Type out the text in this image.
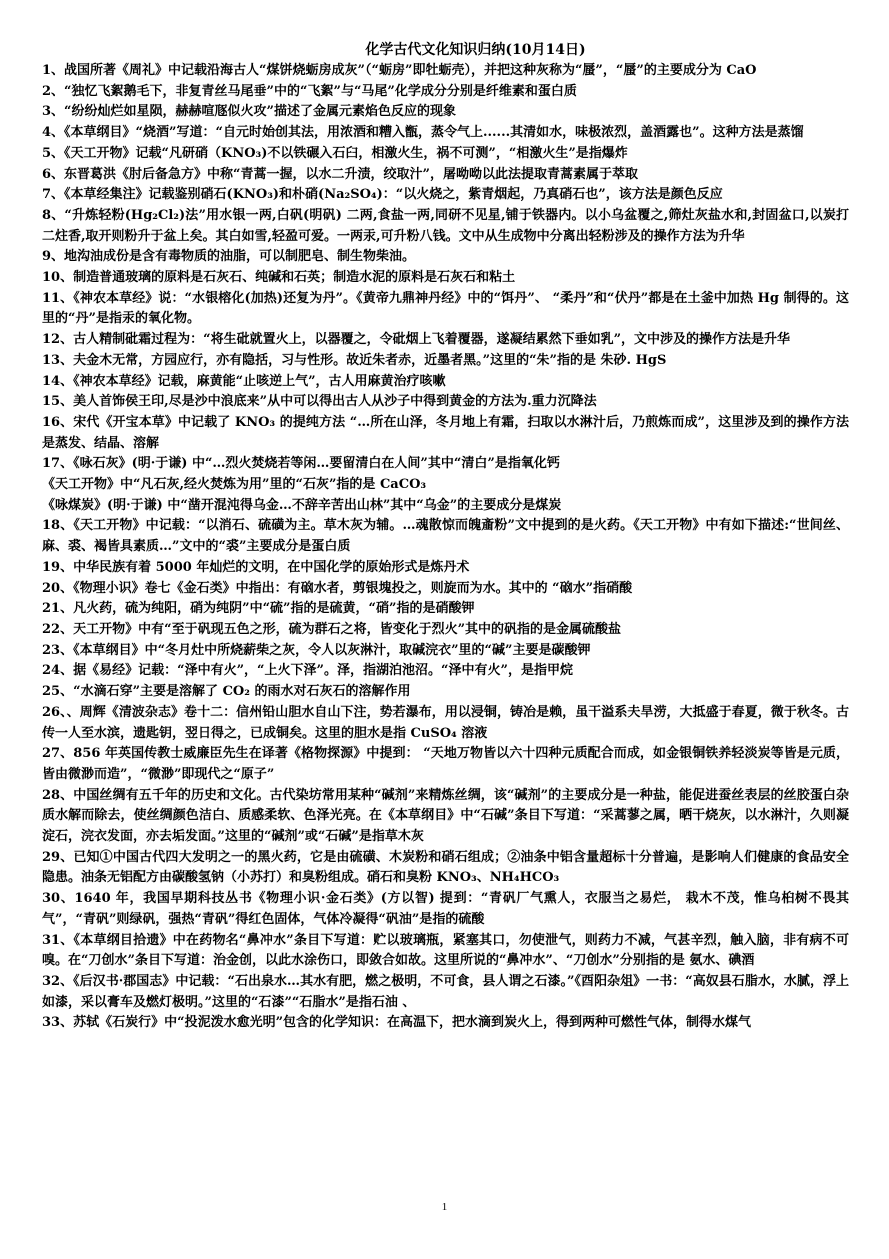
化学古代文化知识归纳(10月14日)

1、战国所著《周礼》中记载沿海古人“煤饼烧蛎房成灰”（“蛎房”即牡蛎壳），并把这种灰称为“蜃”，“蜃”的主要成分为 CaO

2、“独忆飞絮鹅毛下，非复青丝马尾垂”中的“飞絮”与“马尾”化学成分分别是纤维素和蛋白质

3、“纷纷灿烂如星陨，赫赫喧豗似火攻”描述了金属元素焰色反应的现象

4、《本草纲目》“烧酒”写道：“自元时始创其法，用浓酒和糟入甑，蒸令气上......其清如水，味极浓烈，盖酒露也”。这种方法是蒸馏

5、《天工开物》记载“凡研硝（KNO₃)不以铁碾入石臼，相激火生，祸不可测”，“相激火生”是指爆炸

6、东晋葛洪《肘后备急方》中称“青蒿一握，以水二升渍，绞取汁”，屠呦呦以此法提取青蒿素属于萃取

7、《本草经集注》记载鉴别硝石(KNO₃)和朴硝(Na₂SO₄)：“以火烧之，紫青烟起，乃真硝石也”，该方法是颜色反应

8、“升炼轻粉(Hg₂Cl₂)法”用水银一两,白矾(明矾) 二两,食盐一两,同研不见星,铺于铁器内。以小乌盆覆之,筛灶灰盐水和,封固盆口,以炭打二炷香,取开则粉升于盆上矣。其白如雪,轻盈可爱。一两汞,可升粉八钱。文中从生成物中分离出轻粉涉及的操作方法为升华

9、地沟油成份是含有毒物质的油脂，可以制肥皂、制生物柴油。

10、制造普通玻璃的原料是石灰石、纯碱和石英；制造水泥的原料是石灰石和粘土

11、《神农本草经》说：“水银榕化(加热)还复为丹”。《黄帝九鼎神丹经》中的“饵丹”、 “柔丹”和“伏丹”都是在土釜中加热 Hg 制得的。这里的“丹”是指汞的氧化物。

12、古人精制砒霜过程为：“将生砒就置火上，以器覆之，令砒烟上飞着覆器，遂凝结累然下垂如乳”，文中涉及的操作方法是升华

13、夫金木无常，方园应行，亦有隐括，习与性形。故近朱者赤，近墨者黑。”这里的“朱”指的是 朱砂. HgS

14、《神农本草经》记载，麻黄能“止咳逆上气”，古人用麻黄治疗咳嗽

15、美人首饰侯王印,尽是沙中浪底来”从中可以得出古人从沙子中得到黄金的方法为.重力沉降法

16、宋代《开宝本草》中记载了 KNO₃ 的提纯方法 “…所在山泽，冬月地上有霜，扫取以水淋汁后，乃煎炼而成”，这里涉及到的操作方法是蒸发、结晶、溶解

17、《咏石灰》(明·于谦) 中“…烈火焚烧若等闲…要留清白在人间”其中“清白”是指氧化钙

《天工开物》中“凡石灰,经火焚炼为用”里的“石灰”指的是 CaCO₃

《咏煤炭》(明·于谦) 中“凿开混沌得乌金…不辞辛苦出山林”其中“乌金”的主要成分是煤炭

18、《天工开物》中记载：“以消石、硫磺为主。草木灰为辅。…魂散惊而魄齑粉”文中提到的是火药。《天工开物》中有如下描述:“世间丝、麻、裘、褐皆具素质…”文中的“裘”主要成分是蛋白质

19、中华民族有着 5000 年灿烂的文明，在中国化学的原始形式是炼丹术

20、《物理小识》卷七《金石类》中指出：有硇水者，剪银塊投之，则旋而为水。其中的 “硇水”指硝酸

21、凡火药，硫为纯阳，硝为纯阴”中“硫”指的是硫黄，“硝”指的是硝酸钾

22、天工开物》中有“至于矾现五色之形，硫为群石之将，皆变化于烈火”其中的矾指的是金属硫酸盐

23、《本草纲目》中“冬月灶中所烧薪柴之灰，令人以灰淋汁，取碱浣衣”里的“碱”主要是碳酸钾

24、据《易经》记载：“泽中有火”，“上火下泽”。泽，指湖泊池沼。“泽中有火”，是指甲烷

25、“水滴石穿”主要是溶解了 CO₂ 的雨水对石灰石的溶解作用

26、、周辉《清波杂志》卷十二：信州铅山胆水自山下注，势若瀑布，用以浸铜，铸冶是赖，虽干溢系夫旱涝，大抵盛于春夏，微于秋冬。古传一人至水滨，遗匙钥，翌日得之，已成铜矣。这里的胆水是指 CuSO₄ 溶液

27、856 年英国传教士威廉臣先生在译著《格物探源》中提到： “天地万物皆以六十四种元质配合而成，如金银铜铁养轻淡炭等皆是元质，皆由微渺而造”，“微渺”即现代之“原子”

28、中国丝绸有五千年的历史和文化。古代染坊常用某种“碱剂”来精炼丝绸，该“碱剂”的主要成分是一种盐，能促进蚕丝表层的丝胶蛋白杂质水解而除去，使丝绸颜色洁白、质感柔软、色泽光亮。在《本草纲目》中“石碱”条目下写道：“采蒿蓼之属，晒干烧灰，以水淋汁，久则凝淀石，浣衣发面，亦去垢发面。”这里的“碱剂”或“石碱”是指草木灰

29、已知①中国古代四大发明之一的黑火药，它是由硫磺、木炭粉和硝石组成；②油条中铝含量超标十分普遍，是影响人们健康的食品安全隐患。油条无铝配方由碳酸氢钠（小苏打）和臭粉组成。硝石和臭粉 KNO₃、NH₄HCO₃

30、1640 年，我国早期科技丛书《物理小识·金石类》(方以智) 提到：“青矾厂气熏人，衣服当之易烂， 栽木不茂，惟乌桕树不畏其气”，“青矾”则绿矾，强热“青矾”得红色固体，气体冷凝得“矾油”是指的硫酸

31、《本草纲目拾遗》中在药物名“鼻冲水”条目下写道：贮以玻璃瓶，紧塞其口，勿使泄气，则药力不减，气甚辛烈，触入脑，非有病不可嗅。在“刀创水”条目下写道：治金创，以此水涂伤口，即敛合如故。这里所说的“鼻冲水”、“刀创水”分别指的是 氨水、碘酒

32、《后汉书·郡国志》中记载：“石出泉水…其水有肥，燃之极明，不可食，县人谓之石漆。”《酉阳杂俎》一书：“高奴县石脂水，水腻，浮上如漆，采以膏车及燃灯极明。”这里的“石漆”“石脂水”是指石油 、

33、苏轼《石炭行》中“投泥泼水愈光明”包含的化学知识：在高温下，把水滴到炭火上，得到两种可燃性气体，制得水煤气

1
